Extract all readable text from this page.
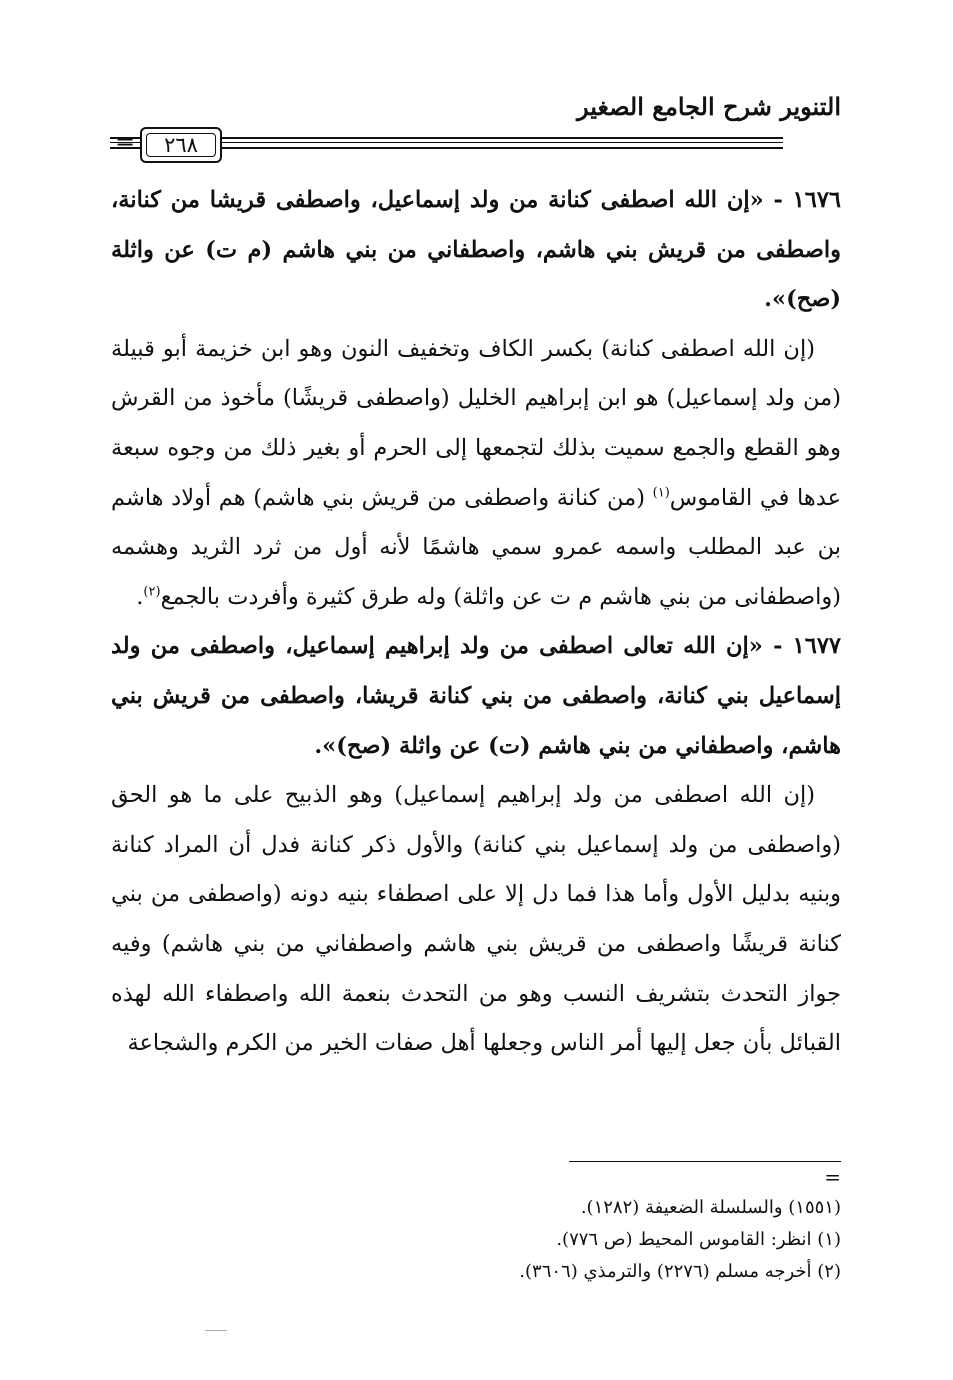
التنوير شرح الجامع الصغير
٢٦٨
=

١٦٧٦ - «إن الله اصطفى كنانة من ولد إسماعيل، واصطفى قريشا من كنانة، واصطفى من قريش بني هاشم، واصطفاني من بني هاشم (م ت) عن واثلة (صح)».

(إن الله اصطفى كنانة) بكسر الكاف وتخفيف النون وهو ابن خزيمة أبو قبيلة (من ولد إسماعيل) هو ابن إبراهيم الخليل (واصطفى قريشًا) مأخوذ من القرش وهو القطع والجمع سميت بذلك لتجمعها إلى الحرم أو بغير ذلك من وجوه سبعة عدها في القاموس$^{(١)}$ (من كنانة واصطفى من قريش بني هاشم) هم أولاد هاشم بن عبد المطلب واسمه عمرو سمي هاشمًا لأنه أول من ثرد الثريد وهشمه (واصطفانى من بني هاشم م ت عن واثلة) وله طرق كثيرة وأفردت بالجمع$^{(٢)}$.

١٦٧٧ - «إن الله تعالى اصطفى من ولد إبراهيم إسماعيل، واصطفى من ولد إسماعيل بني كنانة، واصطفى من بني كنانة قريشا، واصطفى من قريش بني هاشم، واصطفاني من بني هاشم (ت) عن واثلة (صح)».

(إن الله اصطفى من ولد إبراهيم إسماعيل) وهو الذبيح على ما هو الحق (واصطفى من ولد إسماعيل بني كنانة) والأول ذكر كنانة فدل أن المراد كنانة وبنيه بدليل الأول وأما هذا فما دل إلا على اصطفاء بنيه دونه (واصطفى من بني كنانة قريشًا واصطفى من قريش بني هاشم واصطفاني من بني هاشم) وفيه جواز التحدث بتشريف النسب وهو من التحدث بنعمة الله واصطفاء الله لهذه القبائل بأن جعل إليها أمر الناس وجعلها أهل صفات الخير من الكرم والشجاعة

=
(١٥٥١) والسلسلة الضعيفة (١٢٨٢).
(١) انظر: القاموس المحيط (ص ٧٧٦).
(٢) أخرجه مسلم (٢٢٧٦) والترمذي (٣٦٠٦).
